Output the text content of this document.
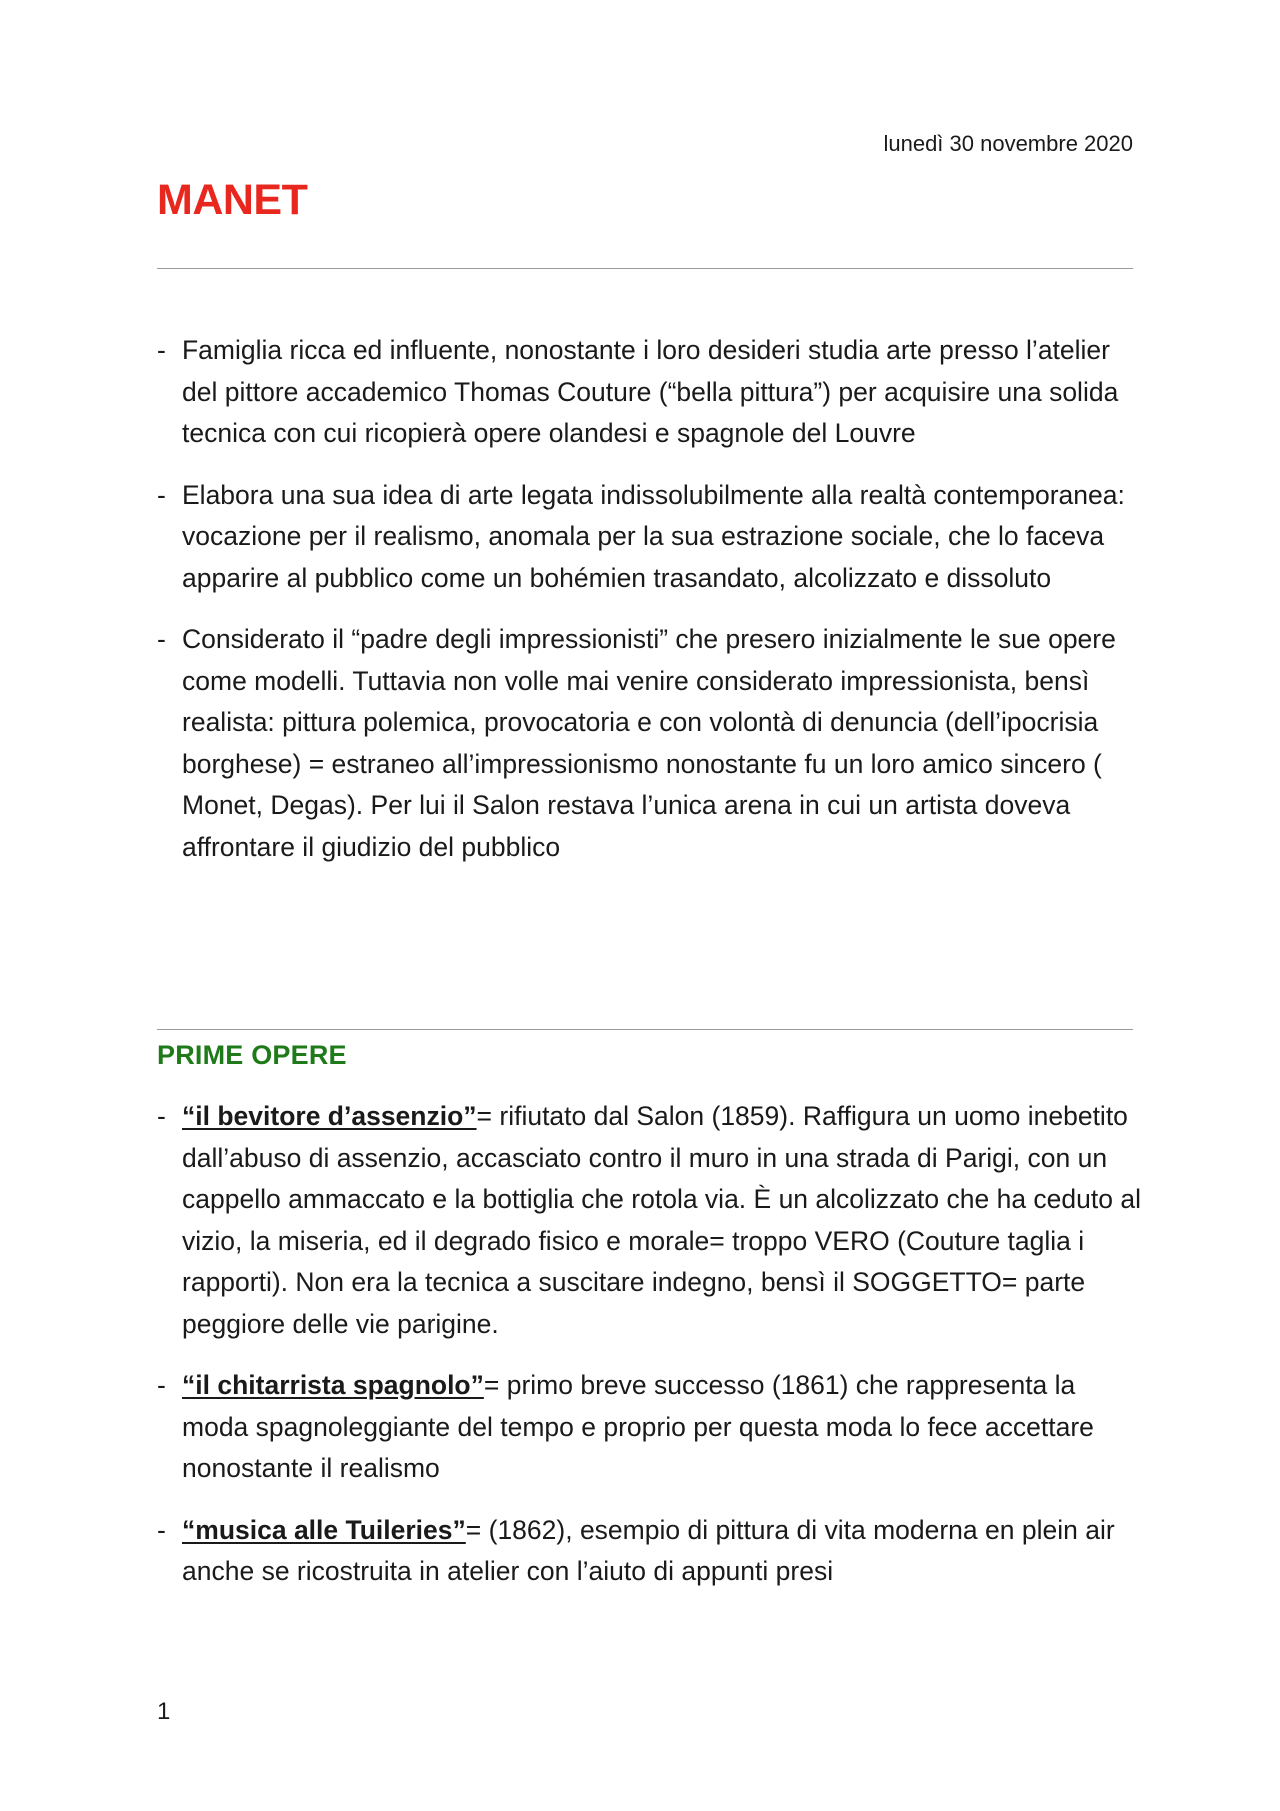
lunedì 30 novembre 2020
MANET
- Famiglia ricca ed influente, nonostante i loro desideri studia arte presso l’atelier del pittore accademico Thomas Couture (“bella pittura”) per acquisire una solida tecnica con cui ricopierà opere olandesi e spagnole del Louvre
- Elabora una sua idea di arte legata indissolubilmente alla realtà contemporanea: vocazione per il realismo, anomala per la sua estrazione sociale, che lo faceva apparire al pubblico come un bohémien trasandato, alcolizzato e dissoluto
- Considerato il “padre degli impressionisti” che presero inizialmente le sue opere come modelli. Tuttavia non volle mai venire considerato impressionista, bensì realista: pittura polemica, provocatoria e con volontà di denuncia (dell’ipocrisia borghese) = estraneo all’impressionismo nonostante fu un loro amico sincero ( Monet, Degas). Per lui il Salon restava l’unica arena in cui un artista doveva affrontare il giudizio del pubblico
PRIME OPERE
- “il bevitore d’assenzio”= rifiutato dal Salon (1859). Raffigura un uomo inebetito dall’abuso di assenzio, accasciato contro il muro in una strada di Parigi, con un cappello ammaccato e la bottiglia che rotola via. È un alcolizzato che ha ceduto al vizio, la miseria, ed il degrado fisico e morale= troppo VERO (Couture taglia i rapporti). Non era la tecnica a suscitare indegno, bensì il SOGGETTO= parte peggiore delle vie parigine.
- “il chitarrista spagnolo”= primo breve successo (1861) che rappresenta la moda spagnoleggiante del tempo e proprio per questa moda lo fece accettare nonostante il realismo
- “musica alle Tuileries”= (1862), esempio di pittura di vita moderna en plein air anche se ricostruita in atelier con l’aiuto di appunti presi
1
